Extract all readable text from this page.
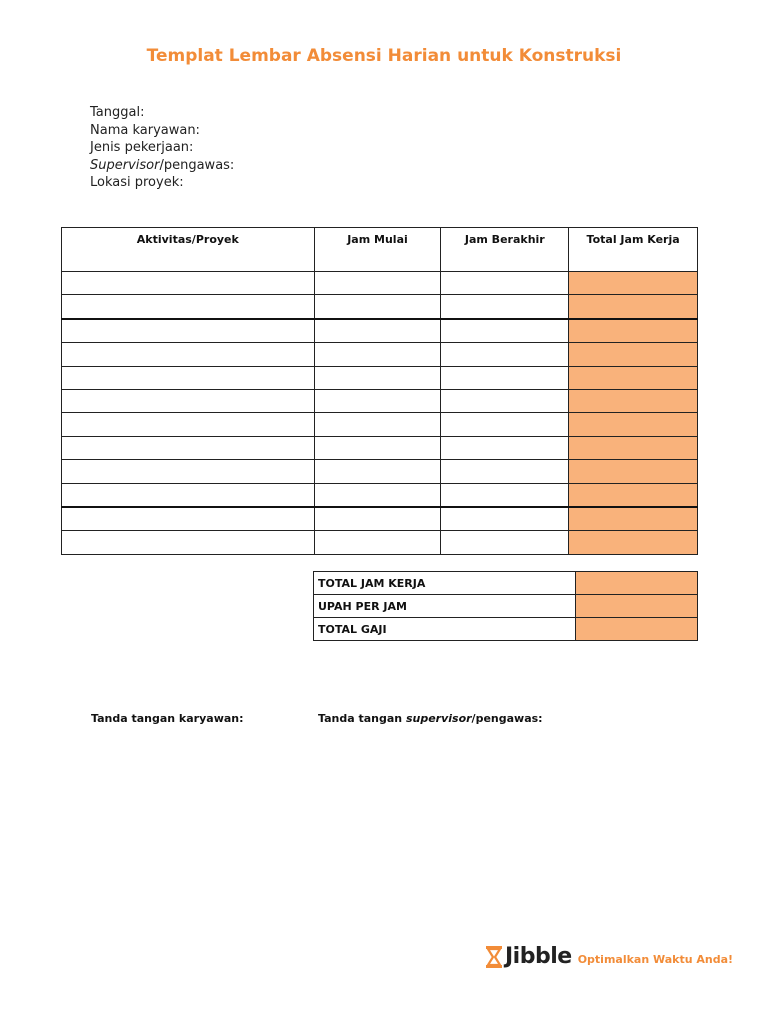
Templat Lembar Absensi Harian untuk Konstruksi
Tanggal:
Nama karyawan:
Jenis pekerjaan:
Supervisor/pengawas:
Lokasi proyek:
Aktivitas/Proyek	Jam Mulai	Jam Berakhir	Total Jam Kerja

TOTAL JAM KERJA	
UPAH PER JAM	
TOTAL GAJI	
Tanda tangan karyawan:	Tanda tangan supervisor/pengawas:
Jibble Optimalkan Waktu Anda!
